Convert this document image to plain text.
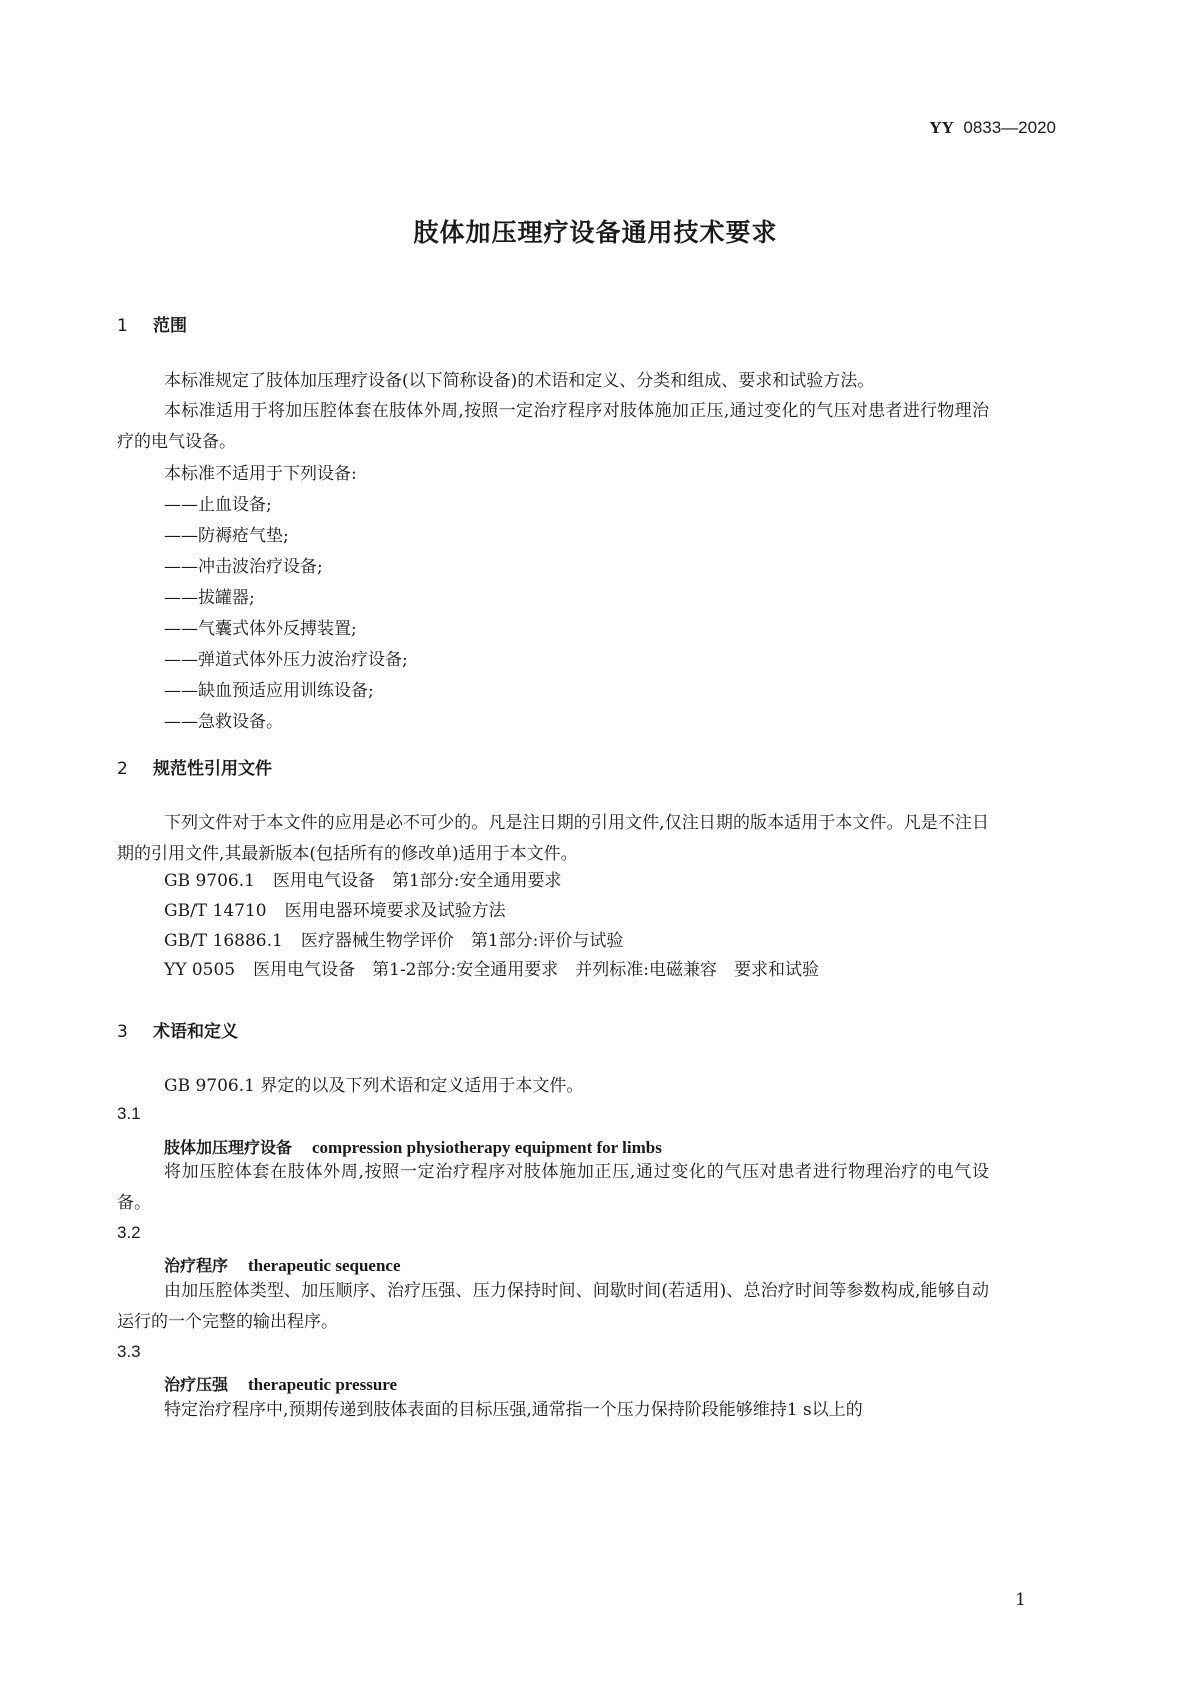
YY 0833—2020
肢体加压理疗设备通用技术要求
1 范围
本标准规定了肢体加压理疗设备(以下简称设备)的术语和定义、分类和组成、要求和试验方法。
本标准适用于将加压腔体套在肢体外周,按照一定治疗程序对肢体施加正压,通过变化的气压对患者进行物理治疗的电气设备。
本标准不适用于下列设备:
——止血设备;
——防褥疮气垫;
——冲击波治疗设备;
——拔罐器;
——气囊式体外反搏装置;
——弹道式体外压力波治疗设备;
——缺血预适应用训练设备;
——急救设备。
2 规范性引用文件
下列文件对于本文件的应用是必不可少的。凡是注日期的引用文件,仅注日期的版本适用于本文件。凡是不注日期的引用文件,其最新版本(包括所有的修改单)适用于本文件。
GB 9706.1 医用电气设备　第1部分:安全通用要求
GB/T 14710 医用电器环境要求及试验方法
GB/T 16886.1 医疗器械生物学评价　第1部分:评价与试验
YY 0505 医用电气设备　第1-2部分:安全通用要求　并列标准:电磁兼容　要求和试验
3 术语和定义
GB 9706.1 界定的以及下列术语和定义适用于本文件。
3.1
肢体加压理疗设备 compression physiotherapy equipment for limbs
将加压腔体套在肢体外周,按照一定治疗程序对肢体施加正压,通过变化的气压对患者进行物理治疗的电气设备。
3.2
治疗程序 therapeutic sequence
由加压腔体类型、加压顺序、治疗压强、压力保持时间、间歇时间(若适用)、总治疗时间等参数构成,能够自动运行的一个完整的输出程序。
3.3
治疗压强 therapeutic pressure
特定治疗程序中,预期传递到肢体表面的目标压强,通常指一个压力保持阶段能够维持1 s以上的
1
